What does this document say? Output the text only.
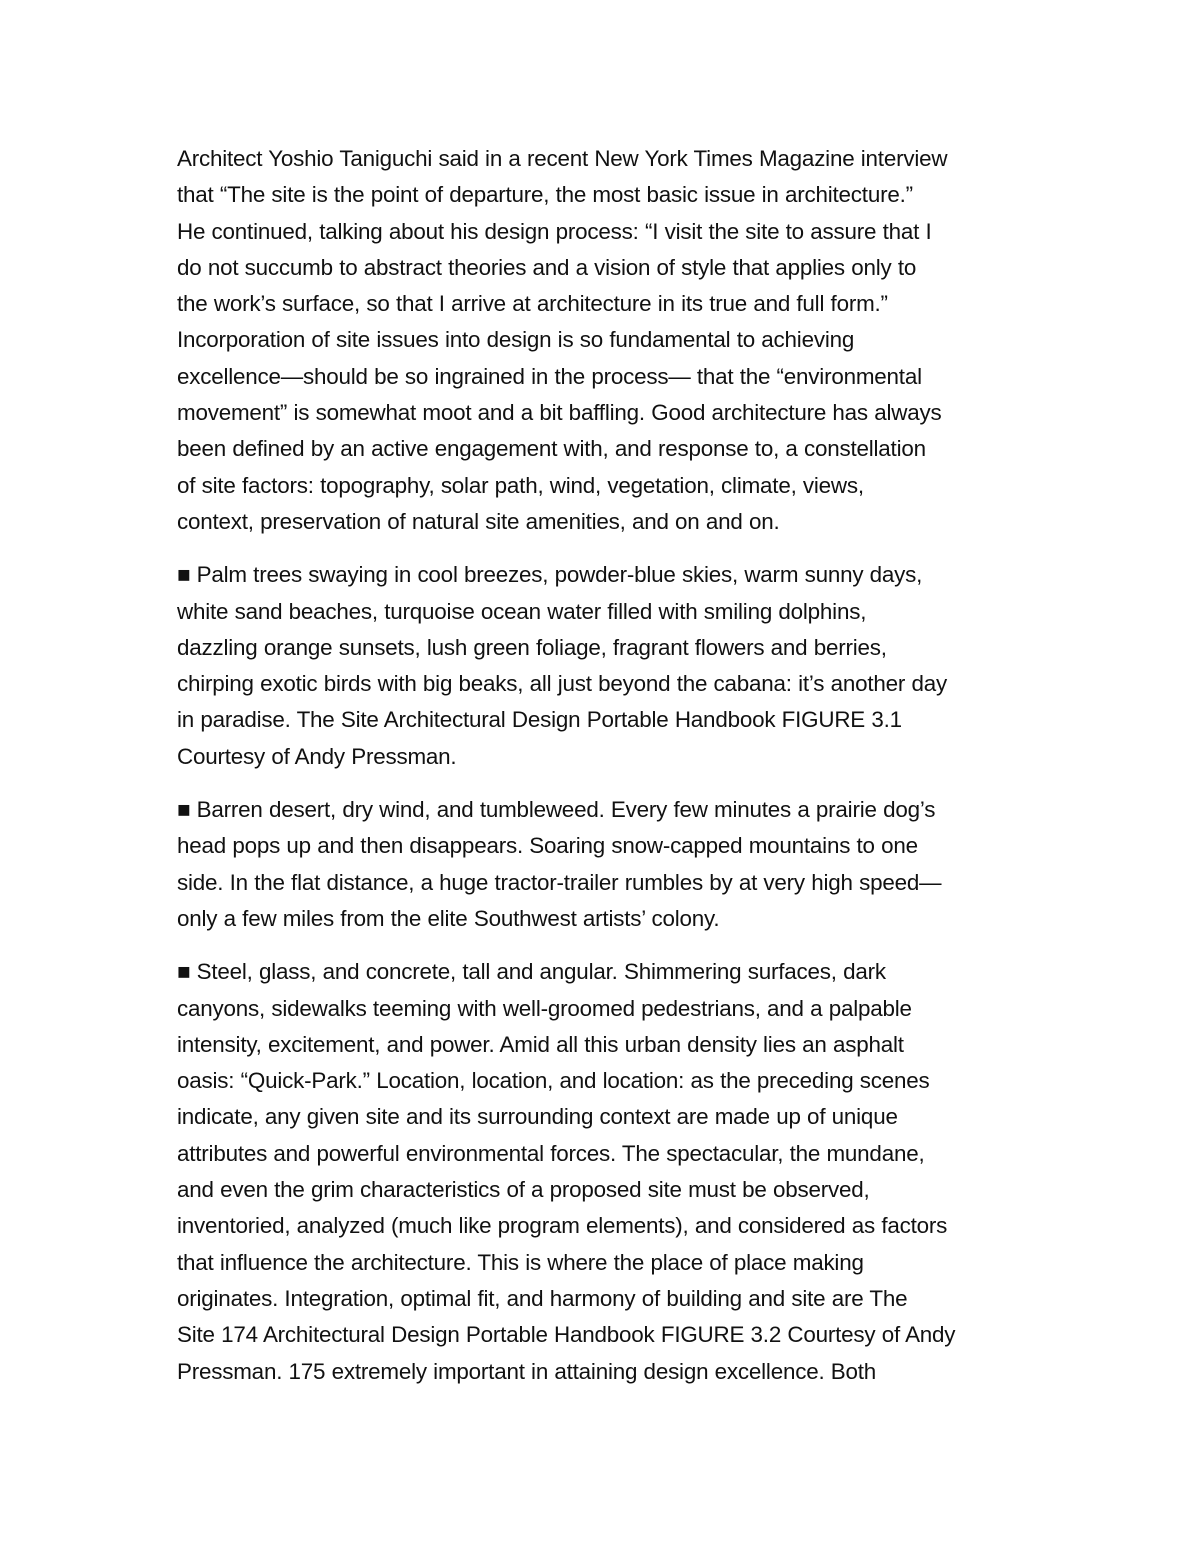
Architect Yoshio Taniguchi said in a recent New York Times Magazine interview
that “The site is the point of departure, the most basic issue in architecture.”
He continued, talking about his design process: “I visit the site to assure that I
do not succumb to abstract theories and a vision of style that applies only to
the work’s surface, so that I arrive at architecture in its true and full form.”
Incorporation of site issues into design is so fundamental to achieving
excellence—should be so ingrained in the process— that the “environmental
movement” is somewhat moot and a bit baffling. Good architecture has always
been defined by an active engagement with, and response to, a constellation
of site factors: topography, solar path, wind, vegetation, climate, views,
context, preservation of natural site amenities, and on and on.

■ Palm trees swaying in cool breezes, powder-blue skies, warm sunny days,
white sand beaches, turquoise ocean water filled with smiling dolphins,
dazzling orange sunsets, lush green foliage, fragrant flowers and berries,
chirping exotic birds with big beaks, all just beyond the cabana: it’s another day
in paradise. The Site Architectural Design Portable Handbook FIGURE 3.1
Courtesy of Andy Pressman.

■ Barren desert, dry wind, and tumbleweed. Every few minutes a prairie dog’s
head pops up and then disappears. Soaring snow-capped mountains to one
side. In the flat distance, a huge tractor-trailer rumbles by at very high speed—
only a few miles from the elite Southwest artists’ colony.

■ Steel, glass, and concrete, tall and angular. Shimmering surfaces, dark
canyons, sidewalks teeming with well-groomed pedestrians, and a palpable
intensity, excitement, and power. Amid all this urban density lies an asphalt
oasis: “Quick-Park.” Location, location, and location: as the preceding scenes
indicate, any given site and its surrounding context are made up of unique
attributes and powerful environmental forces. The spectacular, the mundane,
and even the grim characteristics of a proposed site must be observed,
inventoried, analyzed (much like program elements), and considered as factors
that influence the architecture. This is where the place of place making
originates. Integration, optimal fit, and harmony of building and site are The
Site 174 Architectural Design Portable Handbook FIGURE 3.2 Courtesy of Andy
Pressman. 175 extremely important in attaining design excellence. Both
